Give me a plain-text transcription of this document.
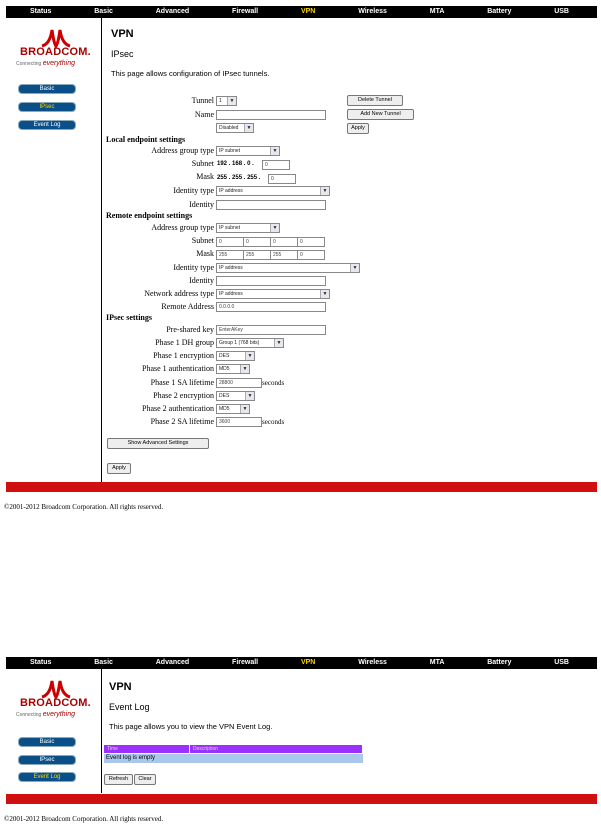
Status	Basic	Advanced	Firewall	VPN	Wireless	MTA	Battery	USB
BROADCOM.
Connecting everything
Basic
IPsec
Event Log
VPN
IPsec
This page allows configuration of IPsec tunnels.
Tunnel	1	▼	Delete Tunnel
Name	Add New Tunnel
Disabled	▼	Apply
Local endpoint settings
Address group type	IP subnet	▼
Subnet 192 . 168 . 0 .	0
Mask 255 . 255 . 255 .	0
Identity type	IP address	▼
Identity
Remote endpoint settings
Address group type	IP subnet	▼
Subnet	0	0	0	0
Mask	255	255	255	0
Identity type	IP address	▼
Identity
Network address type	IP address	▼
Remote Address	0.0.0.0
IPsec settings
Pre-shared key	EnterAKey
Phase 1 DH group	Group 1 (768 bits)	▼
Phase 1 encryption	DES	▼
Phase 1 authentication	MD5	▼
Phase 1 SA lifetime	28800	seconds
Phase 2 encryption	DES	▼
Phase 2 authentication	MD5	▼
Phase 2 SA lifetime	3600	seconds
Show Advanced Settings
Apply
©2001-2012 Broadcom Corporation. All rights reserved.
Status	Basic	Advanced	Firewall	VPN	Wireless	MTA	Battery	USB
BROADCOM.
Connecting everything
Basic
IPsec
Event Log
VPN
Event Log
This page allows you to view the VPN Event Log.
Time	Description
Event log is empty
Refresh	Clear
©2001-2012 Broadcom Corporation. All rights reserved.
